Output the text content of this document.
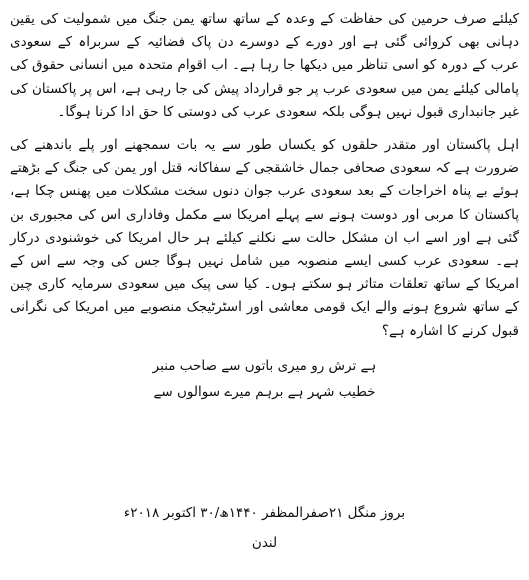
کیلئے صرف حرمین کی حفاظت کے وعدہ کے ساتھ ساتھ یمن جنگ میں شمولیت کی یقین دہانی بھی کروائی گئی ہے اور دورے کے دوسرے دن پاک فضائیہ کے سربراہ کے سعودی عرب کے دورہ کو اسی تناظر میں دیکھا جا رہا ہے۔ اب اقوام متحدہ میں انسانی حقوق کی پامالی کیلئے یمن میں سعودی عرب پر جو قرارداد پیش کی جا رہی ہے، اس پر پاکستان کی غیر جانبداری قبول نہیں ہوگی بلکہ سعودی عرب کی دوستی کا حق ادا کرنا ہوگا۔

اہل پاکستان اور متقدر حلقوں کو یکساں طور سے یہ بات سمجھنے اور پلے باندھنے کی ضرورت ہے کہ سعودی صحافی جمال خاشقجی کے سفاکانہ قتل اور یمن کی جنگ کے بڑھتے ہوئے بے پناہ اخراجات کے بعد سعودی عرب جوان دنوں سخت مشکلات میں پھنس چکا ہے، پاکستان کا مربی اور دوست ہونے سے پہلے امریکا سے مکمل وفاداری اس کی مجبوری بن گئی ہے اور اسے اب ان مشکل حالت سے نکلنے کیلئے ہر حال امریکا کی خوشنودی درکار ہے۔ سعودی عرب کسی ایسے منصوبہ میں شامل نہیں ہوگا جس کی وجہ سے اس کے امریکا کے ساتھ تعلقات متاثر ہو سکتے ہوں۔ کیا سی پیک میں سعودی سرمایہ کاری چین کے ساتھ شروع ہونے والے ایک قومی معاشی اور اسٹرٹیجک منصوبے میں امریکا کی نگرانی قبول کرنے کا اشارہ ہے؟

ہے ترش رو میری باتوں سے صاحب منبر
خطیب شہر ہے برہم میرے سوالوں سے
بروز منگل ۲۱صفرالمظفر ۱۴۴۰ھ/۳۰ اکتوبر ۲۰۱۸ء
لندن
